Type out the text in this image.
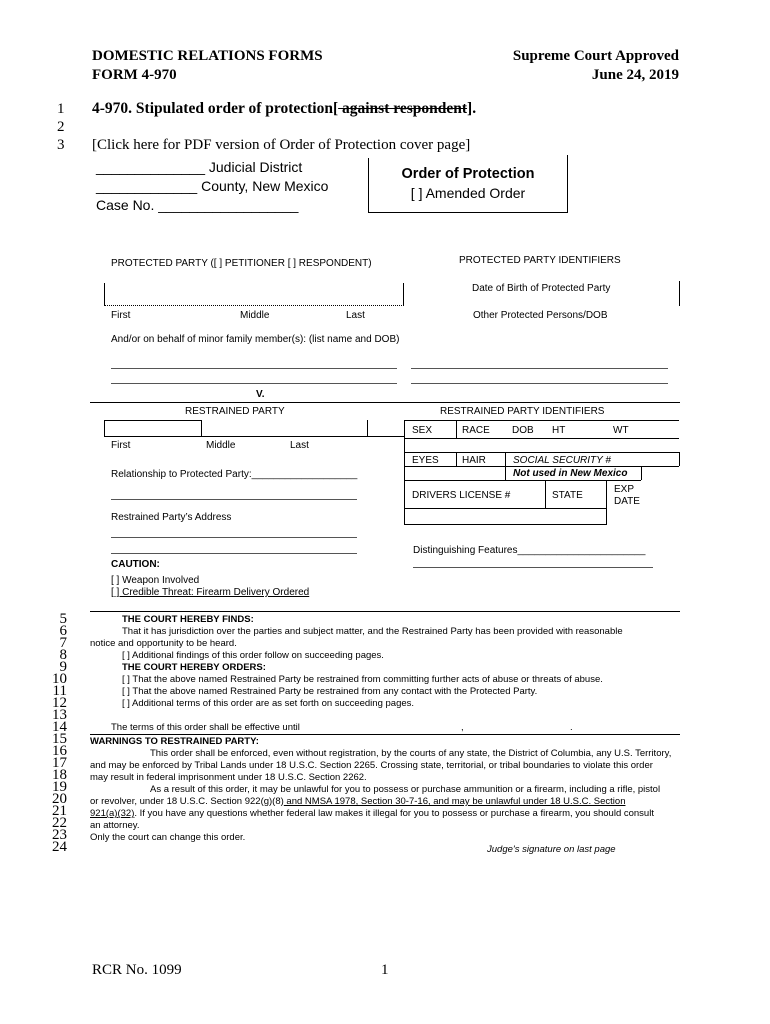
DOMESTIC RELATIONS FORMS
FORM 4-970
Supreme Court Approved
June 24, 2019
1
2
3
4-970. Stipulated order of protection[ against respondent].
[Click here for PDF version of Order of Protection cover page]
______________ Judicial District
_____________ County, New Mexico
Case No. __________________
Order of Protection
[ ] Amended Order
PROTECTED PARTY ([ ] PETITIONER [ ] RESPONDENT)	PROTECTED PARTY IDENTIFIERS
Date of Birth of Protected Party
First	Middle	Last	Other Protected Persons/DOB
And/or on behalf of minor family member(s): (list name and DOB)
V.
RESTRAINED PARTY	RESTRAINED PARTY IDENTIFIERS
First	Middle	Last
SEX	RACE DOB HT	WT
EYES HAIR	SOCIAL SECURITY #
Not used in New Mexico
DRIVERS LICENSE #	STATE
EXP
DATE
Relationship to Protected Party:___________________
Restrained Party’s Address
Distinguishing Features_______________________
CAUTION:
[ ] Weapon Involved
[ ] Credible Threat: Firearm Delivery Ordered
5
6
7
8
9
10
11
12
13
14
15
16
17
18
19
20
21
22
23
24
THE COURT HEREBY FINDS:
That it has jurisdiction over the parties and subject matter, and the Restrained Party has been provided with reasonable
notice and opportunity to be heard.
[ ] Additional findings of this order follow on succeeding pages.
THE COURT HEREBY ORDERS:
[ ] That the above named Restrained Party be restrained from committing further acts of abuse or threats of abuse.
[ ] That the above named Restrained Party be restrained from any contact with the Protected Party.
[ ] Additional terms of this order are as set forth on succeeding pages.
The terms of this order shall be effective until	,	.
WARNINGS TO RESTRAINED PARTY:
This order shall be enforced, even without registration, by the courts of any state, the District of Columbia, any U.S. Territory,
and may be enforced by Tribal Lands under 18 U.S.C. Section 2265. Crossing state, territorial, or tribal boundaries to violate this order
may result in federal imprisonment under 18 U.S.C. Section 2262.
As a result of this order, it may be unlawful for you to possess or purchase ammunition or a firearm, including a rifle, pistol
or revolver, under 18 U.S.C. Section 922(g)(8) and NMSA 1978, Section 30-7-16, and may be unlawful under 18 U.S.C. Section
921(a)(32). If you have any questions whether federal law makes it illegal for you to possess or purchase a firearm, you should consult
an attorney.
Only the court can change this order.
Judge's signature on last page
RCR No. 1099	1
